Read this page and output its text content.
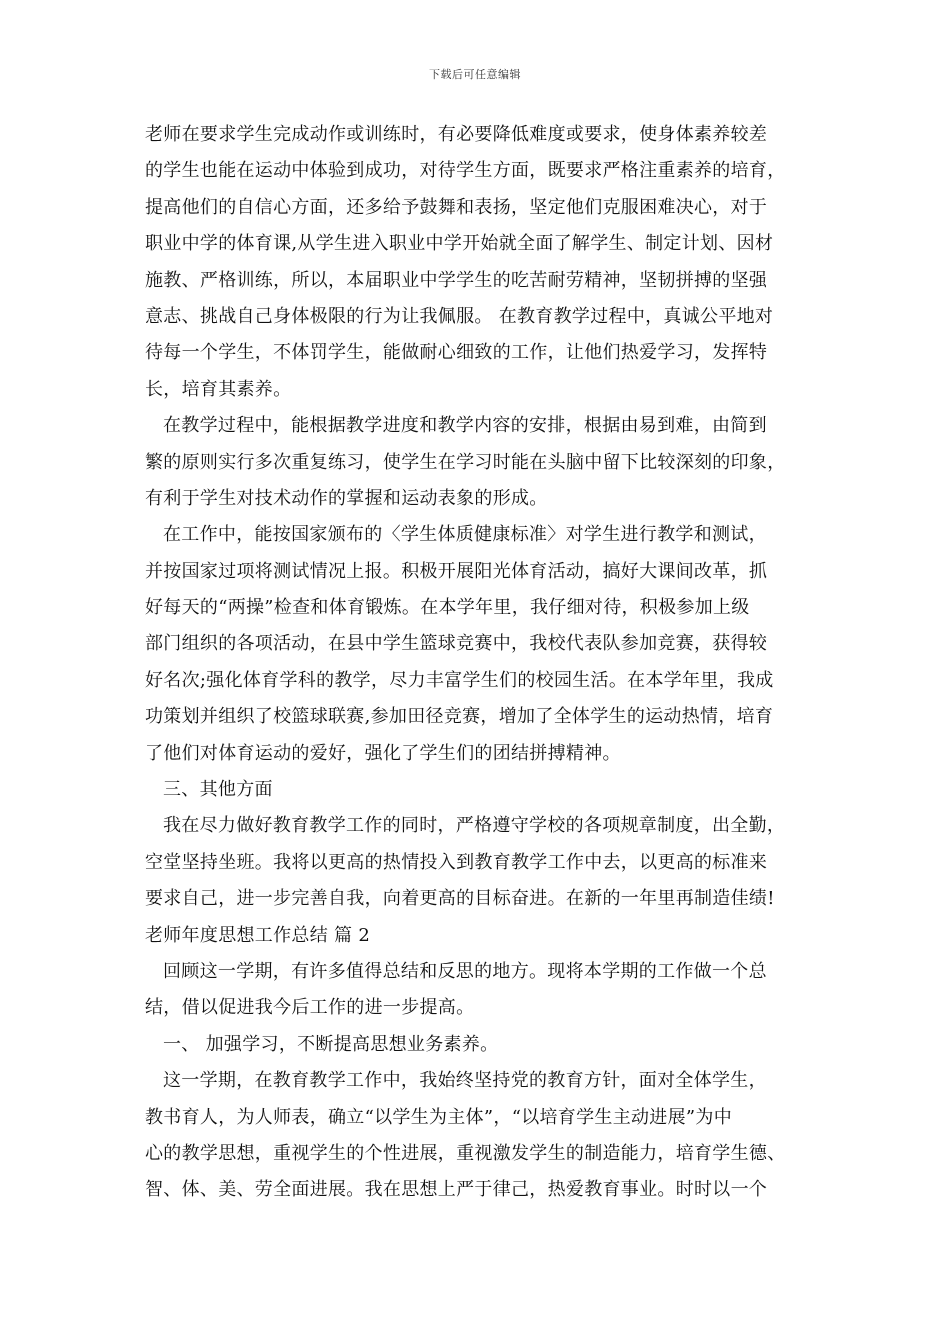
下载后可任意编辑
老师在要求学生完成动作或训练时，有必要降低难度或要求，使身体素养较差
的学生也能在运动中体验到成功，对待学生方面，既要求严格注重素养的培育，
提高他们的自信心方面，还多给予鼓舞和表扬，坚定他们克服困难决心，对于
职业中学的体育课,从学生进入职业中学开始就全面了解学生、制定计划、因材
施教、严格训练，所以，本届职业中学学生的吃苦耐劳精神，坚韧拼搏的坚强
意志、挑战自己身体极限的行为让我佩服。 在教育教学过程中，真诚公平地对
待每一个学生，不体罚学生，能做耐心细致的工作，让他们热爱学习，发挥特
长，培育其素养。
在教学过程中，能根据教学进度和教学内容的安排，根据由易到难，由简到
繁的原则实行多次重复练习，使学生在学习时能在头脑中留下比较深刻的印象，
有利于学生对技术动作的掌握和运动表象的形成。
在工作中，能按国家颁布的〈学生体质健康标准〉对学生进行教学和测试，
并按国家过项将测试情况上报。积极开展阳光体育活动，搞好大课间改革，抓
好每天的“两操”检查和体育锻炼。在本学年里，我仔细对待，积极参加上级
部门组织的各项活动，在县中学生篮球竞赛中，我校代表队参加竞赛，获得较
好名次;强化体育学科的教学，尽力丰富学生们的校园生活。在本学年里，我成
功策划并组织了校篮球联赛,参加田径竞赛，增加了全体学生的运动热情，培育
了他们对体育运动的爱好，强化了学生们的团结拼搏精神。
三、其他方面
我在尽力做好教育教学工作的同时，严格遵守学校的各项规章制度，出全勤，
空堂坚持坐班。我将以更高的热情投入到教育教学工作中去，以更高的标准来
要求自己，进一步完善自我，向着更高的目标奋进。在新的一年里再制造佳绩!
老师年度思想工作总结 篇 2
回顾这一学期，有许多值得总结和反思的地方。现将本学期的工作做一个总
结，借以促进我今后工作的进一步提高。
一、 加强学习，不断提高思想业务素养。
这一学期，在教育教学工作中，我始终坚持党的教育方针，面对全体学生，
教书育人，为人师表，确立“以学生为主体”，“以培育学生主动进展”为中
心的教学思想，重视学生的个性进展，重视激发学生的制造能力，培育学生德、
智、体、美、劳全面进展。我在思想上严于律己，热爱教育事业。时时以一个
